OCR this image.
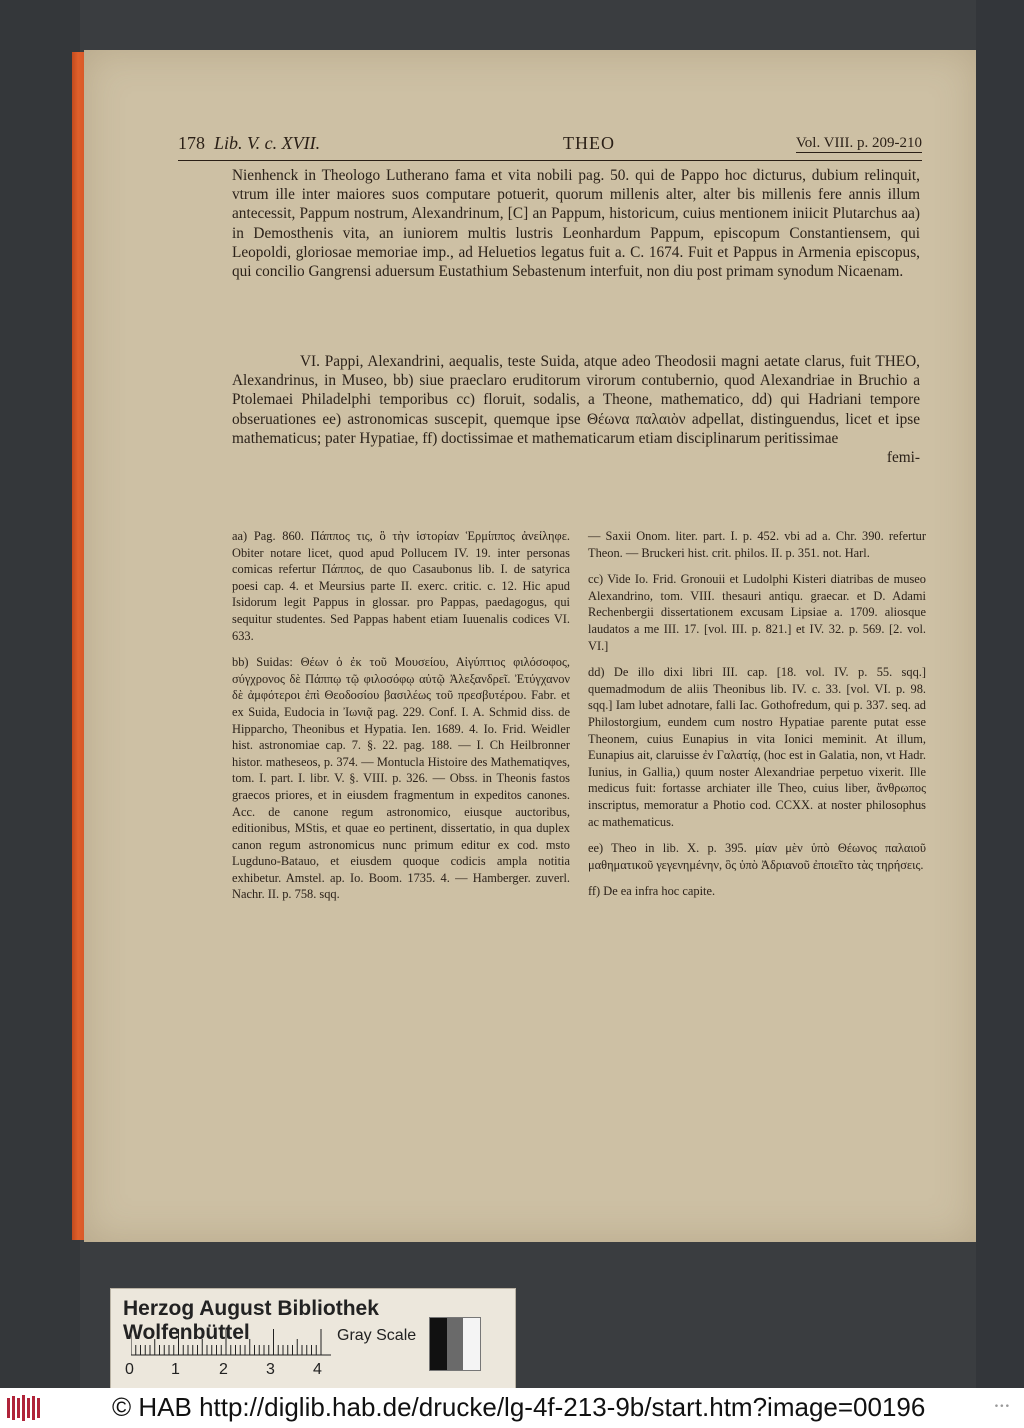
178 Lib. V. c. XVII.	THEO	Vol. VIII. p. 209-210
Nienhenck in Theologo Lutherano fama et vita nobili pag. 50. qui de Pappo hoc dicturus, dubium relinquit, vtrum ille inter maiores suos computare potuerit, quorum millenis alter, alter bis millenis fere annis illum antecessit, Pappum nostrum, Alexandrinum, [C] an Pappum, historicum, cuius mentionem iniicit Plutarchus aa) in Demosthenis vita, an iuniorem multis lustris Leonhardum Pappum, episcopum Constantiensem, qui Leopoldi, gloriosae memoriae imp., ad Heluetios legatus fuit a. C. 1674. Fuit et Pappus in Armenia episcopus, qui concilio Gangrensi aduersum Eustathium Sebastenum interfuit, non diu post primam synodum Nicaenam.
VI. Pappi, Alexandrini, aequalis, teste Suida, atque adeo Theodosii magni aetate clarus, fuit THEO, Alexandrinus, in Museo, bb) siue praeclaro eruditorum virorum contubernio, quod Alexandriae in Bruchio a Ptolemaei Philadelphi temporibus cc) floruit, sodalis, a Theone, mathematico, dd) qui Hadriani tempore obseruationes ee) astronomicas suscepit, quemque ipse Θέωνα παλαιὸν adpellat, distinguendus, licet et ipse mathematicus; pater Hypatiae, ff) doctissimae et mathematicarum etiam disciplinarum peritissimae
femi-

aa) Pag. 860. Πάππος τις, ὃ τὴν ἱστορίαν Ἑρμίππος ἀνείληφε. Obiter notare licet, quod apud Pollucem IV. 19. inter personas comicas refertur Πάππος, de quo Casaubonus lib. I. de satyrica poesi cap. 4. et Meursius parte II. exerc. critic. c. 12. Hic apud Isidorum legit Pappus in glossar. pro Pappas, paedagogus, qui sequitur studentes. Sed Pappas habent etiam Iuuenalis codices VI. 633.

bb) Suidas: Θέων ὁ ἐκ τοῦ Μουσείου, Αἰγύπτιος φιλόσοφος, σύγχρονος δὲ Πάππῳ τῷ φιλοσόφῳ αὐτῷ Ἀλεξανδρεῖ. Ἐτύγχανον δὲ ἀμφότεροι ἐπὶ Θεοδοσίου βασιλέως τοῦ πρεσβυτέρου. Fabr. et ex Suida, Eudocia in Ἰωνιᾷ pag. 229. Conf. I. A. Schmid diss. de Hipparcho, Theonibus et Hypatia. Ien. 1689. 4. Io. Frid. Weidler hist. astronomiae cap. 7. §. 22. pag. 188. — I. Ch Heilbronner histor. matheseos, p. 374. — Montucla Histoire des Mathematiqves, tom. I. part. I. libr. V. §. VIII. p. 326. — Obss. in Theonis fastos graecos priores, et in eiusdem fragmentum in expeditos canones. Acc. de canone regum astronomico, eiusque auctoribus, editionibus, MStis, et quae eo pertinent, dissertatio, in qua duplex canon regum astronomicus nunc primum editur ex cod. msto Lugduno-Batauo, et eiusdem quoque codicis ampla notitia exhibetur. Amstel. ap. Io. Boom. 1735. 4. — Hamberger. zuverl. Nachr. II. p. 758. sqq.

— Saxii Onom. liter. part. I. p. 452. vbi ad a. Chr. 390. refertur Theon. — Bruckeri hist. crit. philos. II. p. 351. not. Harl.

cc) Vide Io. Frid. Gronouii et Ludolphi Kisteri diatribas de museo Alexandrino, tom. VIII. thesauri antiqu. graecar. et D. Adami Rechenbergii dissertationem excusam Lipsiae a. 1709. aliosque laudatos a me III. 17. [vol. III. p. 821.] et IV. 32. p. 569. [2. vol. VI.]

dd) De illo dixi libri III. cap. [18. vol. IV. p. 55. sqq.] quemadmodum de aliis Theonibus lib. IV. c. 33. [vol. VI. p. 98. sqq.] Iam lubet adnotare, falli Iac. Gothofredum, qui p. 337. seq. ad Philostorgium, eundem cum nostro Hypatiae parente putat esse Theonem, cuius Eunapius in vita Ionici meminit. At illum, Eunapius ait, claruisse ἐν Γαλατίᾳ, (hoc est in Galatia, non, vt Hadr. Iunius, in Gallia,) quum noster Alexandriae perpetuo vixerit. Ille medicus fuit: fortasse archiater ille Theo, cuius liber, ἄνθρωπος inscriptus, memoratur a Photio cod. CCXX. at noster philosophus ac mathematicus.

ee) Theo in lib. X. p. 395. μίαν μὲν ὑπὸ Θέωνος παλαιοῦ μαθηματικοῦ γεγενημένην, ὃς ὑπὸ Ἀδριανοῦ ἐποιεῖτο τὰς τηρήσεις.

ff) De ea infra hoc capite.

Herzog August Bibliothek Wolfenbüttel	Gray Scale
0 1 2 3 4
© HAB http://diglib.hab.de/drucke/lg-4f-213-9b/start.htm?image=00196	•••
